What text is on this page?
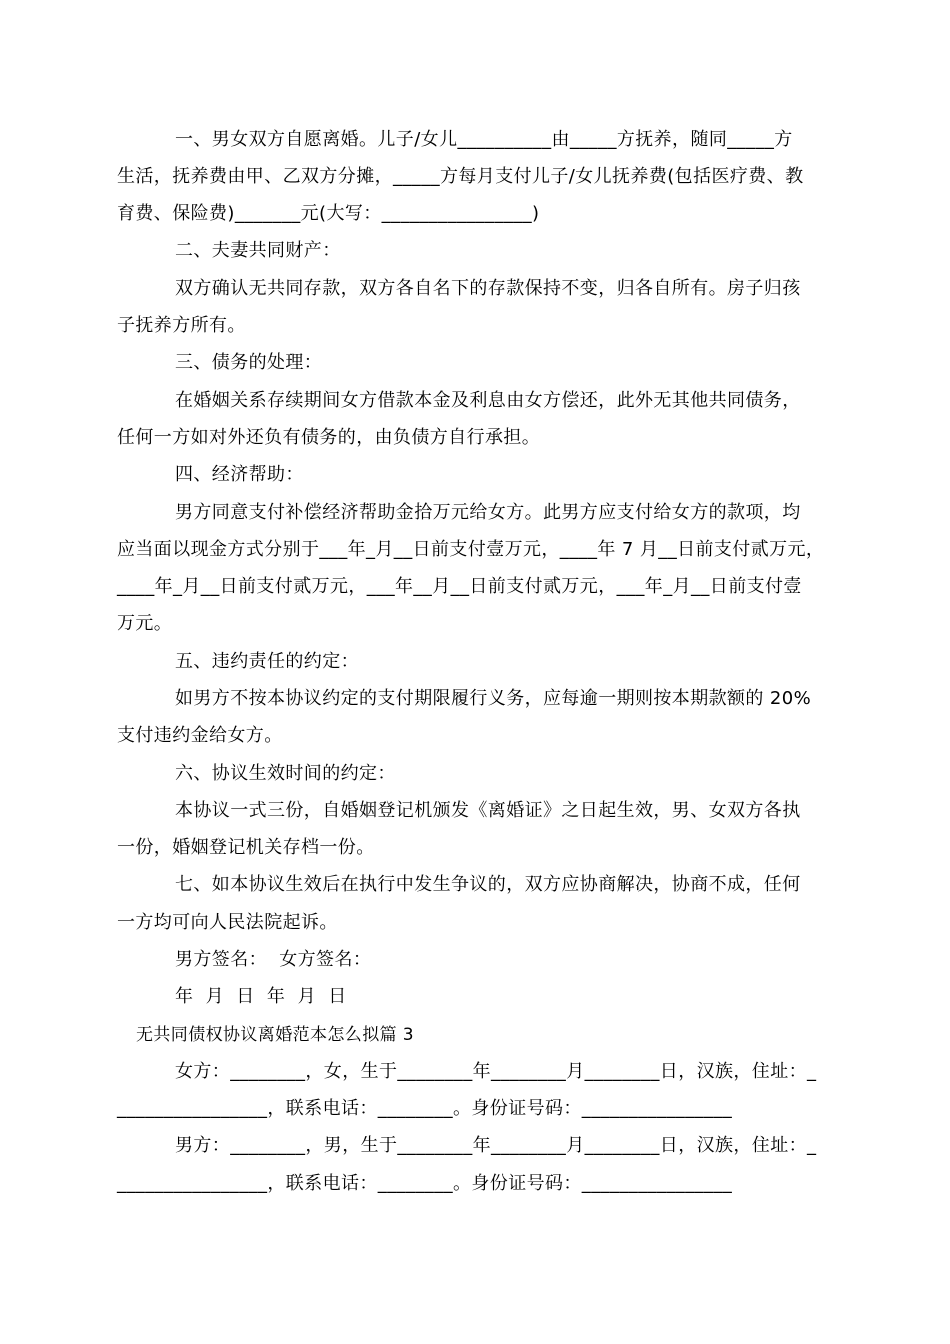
一、男女双方自愿离婚。儿子/女儿__________由_____方抚养，随同_____方
生活，抚养费由甲、乙双方分摊，_____方每月支付儿子/女儿抚养费(包括医疗费、教
育费、保险费)_______元(大写：________________)
二、夫妻共同财产：
双方确认无共同存款，双方各自名下的存款保持不变，归各自所有。房子归孩
子抚养方所有。
三、债务的处理：
在婚姻关系存续期间女方借款本金及利息由女方偿还，此外无其他共同债务，
任何一方如对外还负有债务的，由负债方自行承担。
四、经济帮助：
男方同意支付补偿经济帮助金拾万元给女方。此男方应支付给女方的款项，均
应当面以现金方式分别于___年_月__日前支付壹万元，____年 7 月__日前支付贰万元，
____年_月__日前支付贰万元，___年__月__日前支付贰万元，___年_月__日前支付壹
万元。
五、违约责任的约定：
如男方不按本协议约定的支付期限履行义务，应每逾一期则按本期款额的 20%
支付违约金给女方。
六、协议生效时间的约定：
本协议一式三份，自婚姻登记机颁发《离婚证》之日起生效，男、女双方各执
一份，婚姻登记机关存档一份。
七、如本协议生效后在执行中发生争议的，双方应协商解决，协商不成，任何
一方均可向人民法院起诉。
男方签名：  女方签名：
年  月  日  年  月  日
无共同债权协议离婚范本怎么拟篇 3
女方：________，女，生于________年________月________日，汉族，住址：_
________________，联系电话：________。身份证号码：________________
男方：________，男，生于________年________月________日，汉族，住址：_
________________，联系电话：________。身份证号码：________________
